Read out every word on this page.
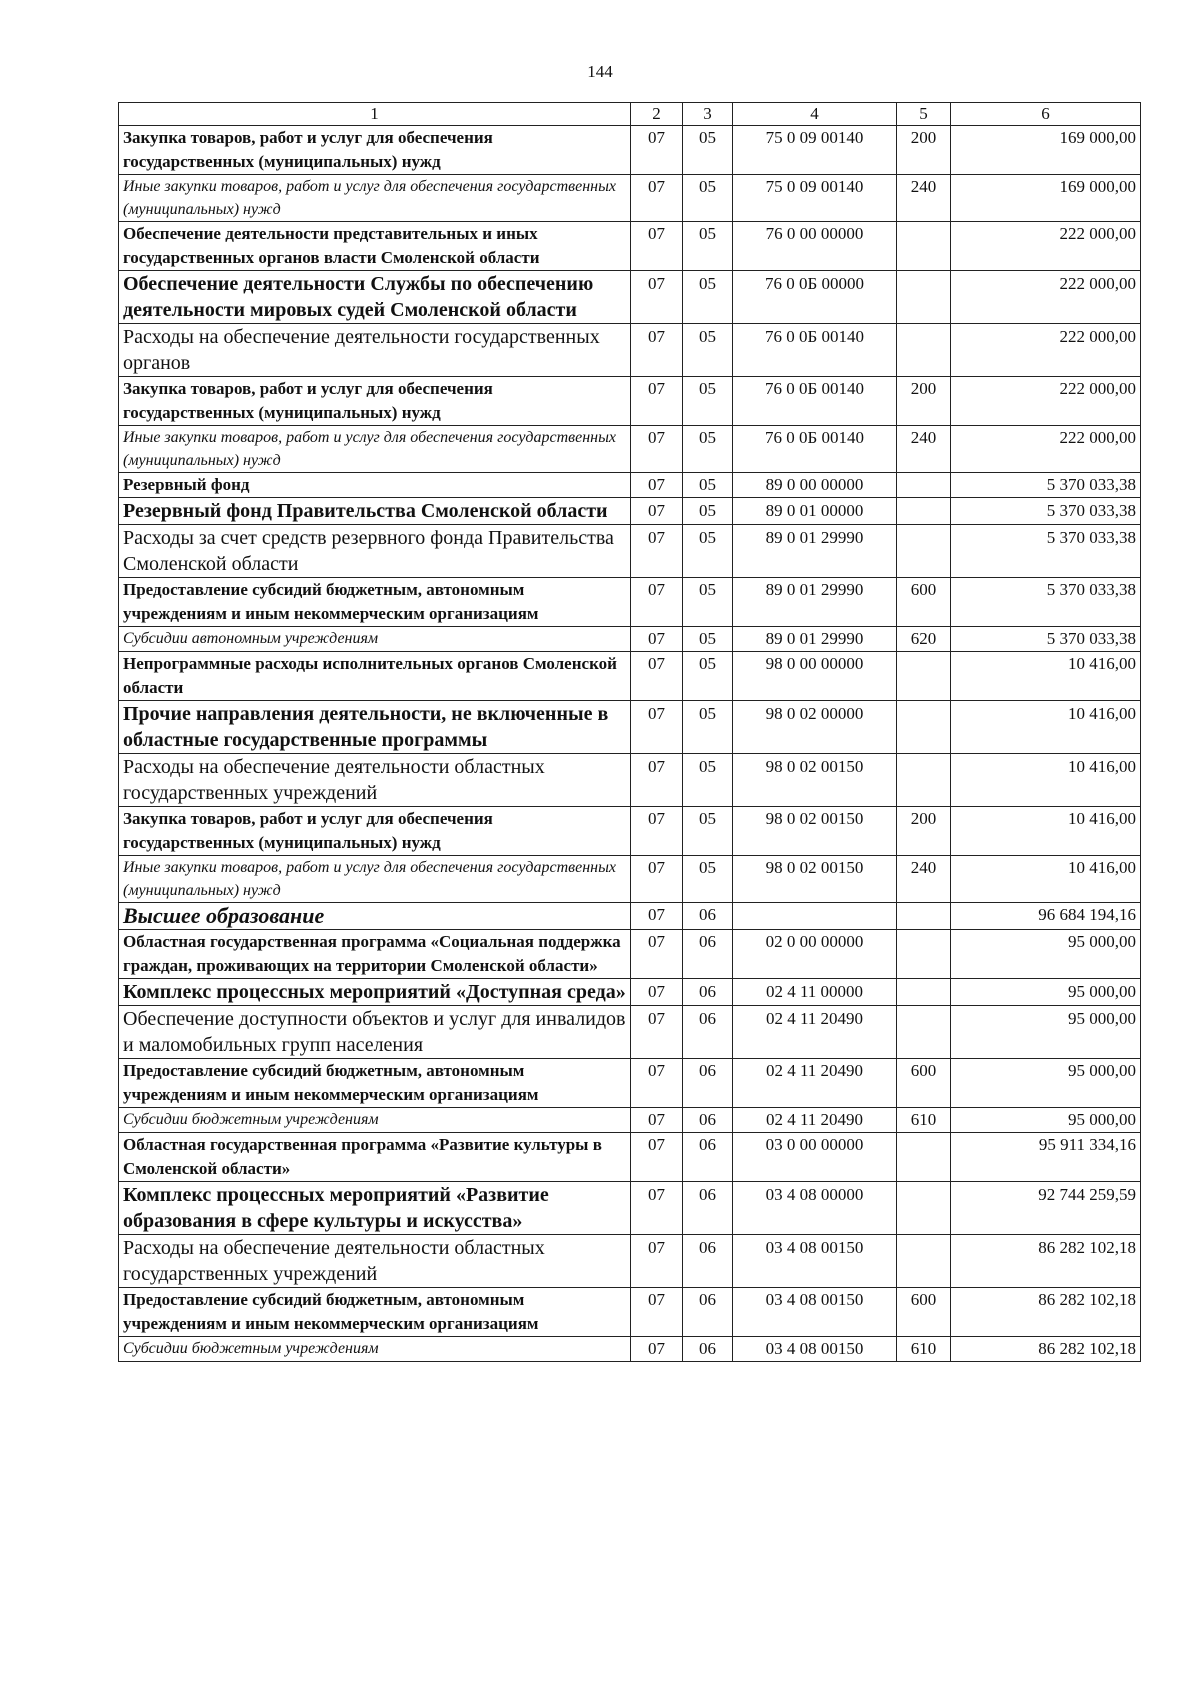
144
1	2	3	4	5	6
Закупка товаров, работ и услуг для обеспечения государственных (муниципальных) нужд	07	05	75 0 09 00140	200	169 000,00
Иные закупки товаров, работ и услуг для обеспечения государственных (муниципальных) нужд	07	05	75 0 09 00140	240	169 000,00
Обеспечение деятельности представительных и иных государственных органов власти Смоленской области	07	05	76 0 00 00000		222 000,00
Обеспечение деятельности Службы по обеспечению деятельности мировых судей Смоленской области	07	05	76 0 0Б 00000		222 000,00
Расходы на обеспечение деятельности государственных органов	07	05	76 0 0Б 00140		222 000,00
Закупка товаров, работ и услуг для обеспечения государственных (муниципальных) нужд	07	05	76 0 0Б 00140	200	222 000,00
Иные закупки товаров, работ и услуг для обеспечения государственных (муниципальных) нужд	07	05	76 0 0Б 00140	240	222 000,00
Резервный фонд	07	05	89 0 00 00000		5 370 033,38
Резервный фонд Правительства Смоленской области	07	05	89 0 01 00000		5 370 033,38
Расходы за счет средств резервного фонда Правительства Смоленской области	07	05	89 0 01 29990		5 370 033,38
Предоставление субсидий бюджетным, автономным учреждениям и иным некоммерческим организациям	07	05	89 0 01 29990	600	5 370 033,38
Субсидии автономным учреждениям	07	05	89 0 01 29990	620	5 370 033,38
Непрограммные расходы исполнительных органов Смоленской области	07	05	98 0 00 00000		10 416,00
Прочие направления деятельности, не включенные в областные государственные программы	07	05	98 0 02 00000		10 416,00
Расходы на обеспечение деятельности областных государственных учреждений	07	05	98 0 02 00150		10 416,00
Закупка товаров, работ и услуг для обеспечения государственных (муниципальных) нужд	07	05	98 0 02 00150	200	10 416,00
Иные закупки товаров, работ и услуг для обеспечения государственных (муниципальных) нужд	07	05	98 0 02 00150	240	10 416,00
Высшее образование	07	06			96 684 194,16
Областная государственная программа «Социальная поддержка граждан, проживающих на территории Смоленской области»	07	06	02 0 00 00000		95 000,00
Комплекс процессных мероприятий «Доступная среда»	07	06	02 4 11 00000		95 000,00
Обеспечение доступности объектов и услуг для инвалидов и маломобильных групп населения	07	06	02 4 11 20490		95 000,00
Предоставление субсидий бюджетным, автономным учреждениям и иным некоммерческим организациям	07	06	02 4 11 20490	600	95 000,00
Субсидии бюджетным учреждениям	07	06	02 4 11 20490	610	95 000,00
Областная государственная программа «Развитие культуры в Смоленской области»	07	06	03 0 00 00000		95 911 334,16
Комплекс процессных мероприятий «Развитие образования в сфере культуры и искусства»	07	06	03 4 08 00000		92 744 259,59
Расходы на обеспечение деятельности областных государственных учреждений	07	06	03 4 08 00150		86 282 102,18
Предоставление субсидий бюджетным, автономным учреждениям и иным некоммерческим организациям	07	06	03 4 08 00150	600	86 282 102,18
Субсидии бюджетным учреждениям	07	06	03 4 08 00150	610	86 282 102,18
